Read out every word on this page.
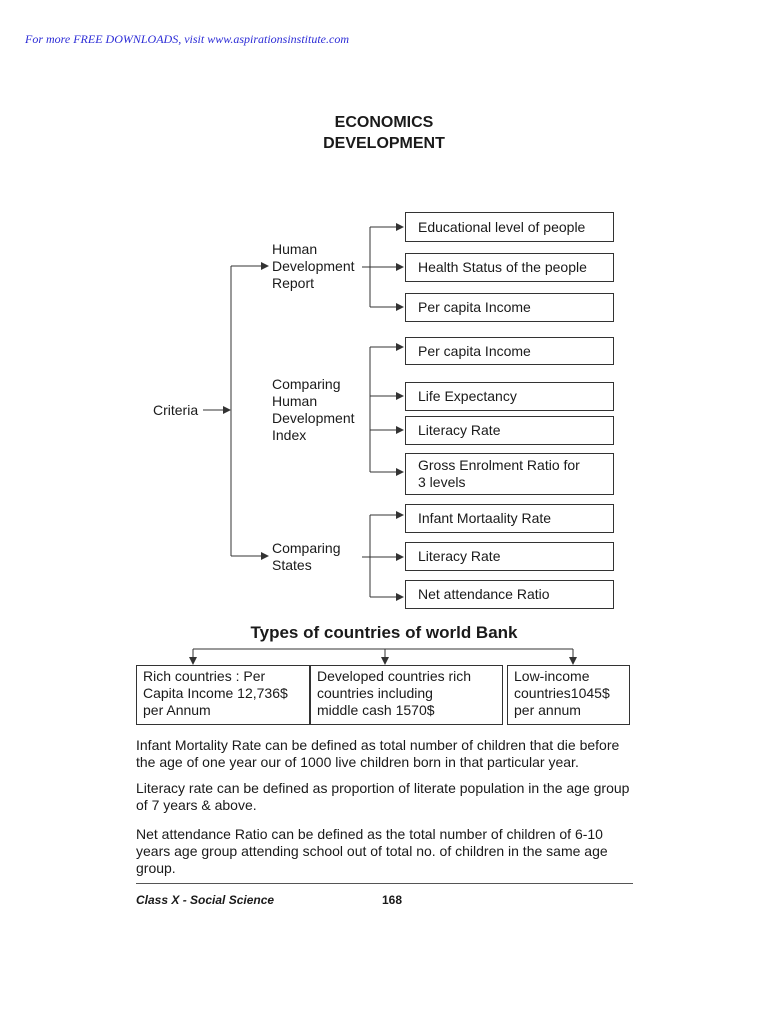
For more FREE DOWNLOADS, visit www.aspirationsinstitute.com
ECONOMICS
DEVELOPMENT
Criteria
Human
Development
Report
Comparing
Human
Development
Index
Comparing
States
Educational level of people
Health Status of the people
Per capita Income
Per capita Income
Life Expectancy
Literacy Rate
Gross Enrolment Ratio for
3 levels
Infant Mortaality Rate
Literacy Rate
Net attendance Ratio
Types of countries of world Bank
Rich countries : Per
Capita Income 12,736$
per Annum
Developed countries rich
countries including
middle cash 1570$
Low-income
countries1045$
per annum
Infant Mortality Rate can be defined as total number of children that die before the age of one year our of 1000 live children born in that particular year.
Literacy rate can be defined as proportion of literate population in the age group
of 7 years & above.
Net attendance Ratio can be defined as the total number of children of 6-10 years age group attending school out of total no. of children in the same age group.
Class X - Social Science	168
